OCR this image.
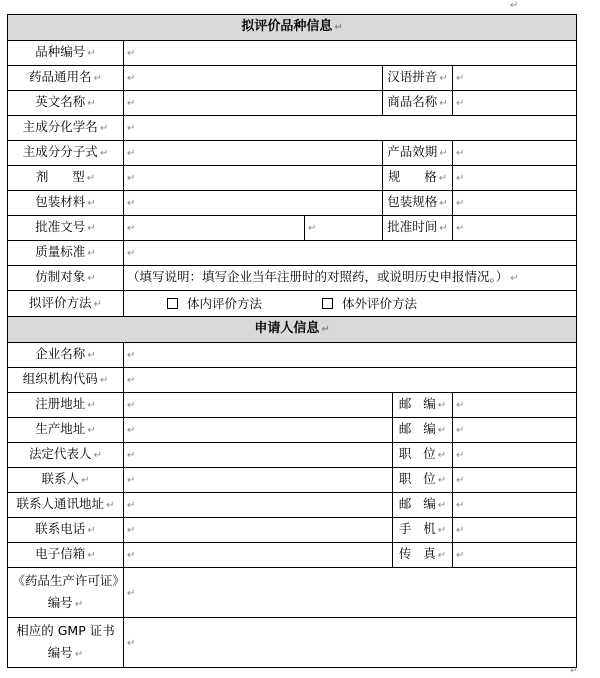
↵
拟评价品种信息 ↵					
品种编号 ↵	↵				
药品通用名 ↵	↵		汉语拼音 ↵		↵
英文名称 ↵	↵		商品名称 ↵		↵
主成分化学名 ↵	↵				
主成分分子式 ↵	↵		产品效期 ↵		↵
剂      型 ↵	↵		规      格 ↵		↵
包装材料 ↵	↵		包装规格 ↵		↵
批准文号 ↵	↵	↵	批准时间 ↵		↵
质量标准 ↵	↵				
仿制对象 ↵	（填写说明：填写企业当年注册时的对照药，或说明历史申报情况。） ↵				
拟评价方法 ↵	体内评价方法 体外评价方法				
申请人信息 ↵					
企业名称 ↵	↵				
组织机构代码 ↵	↵				
注册地址 ↵	↵			邮   编 ↵	↵
生产地址 ↵	↵			邮   编 ↵	↵
法定代表人 ↵	↵			职   位 ↵	↵
联系人 ↵	↵			职   位 ↵	↵
联系人通讯地址 ↵	↵			邮   编 ↵	↵
联系电话 ↵	↵			手   机 ↵	↵
电子信箱 ↵	↵			传   真 ↵	↵
《药品生产许可证》编号 ↵	↵				
相应的 GMP 证书编号 ↵	↵				
↵
